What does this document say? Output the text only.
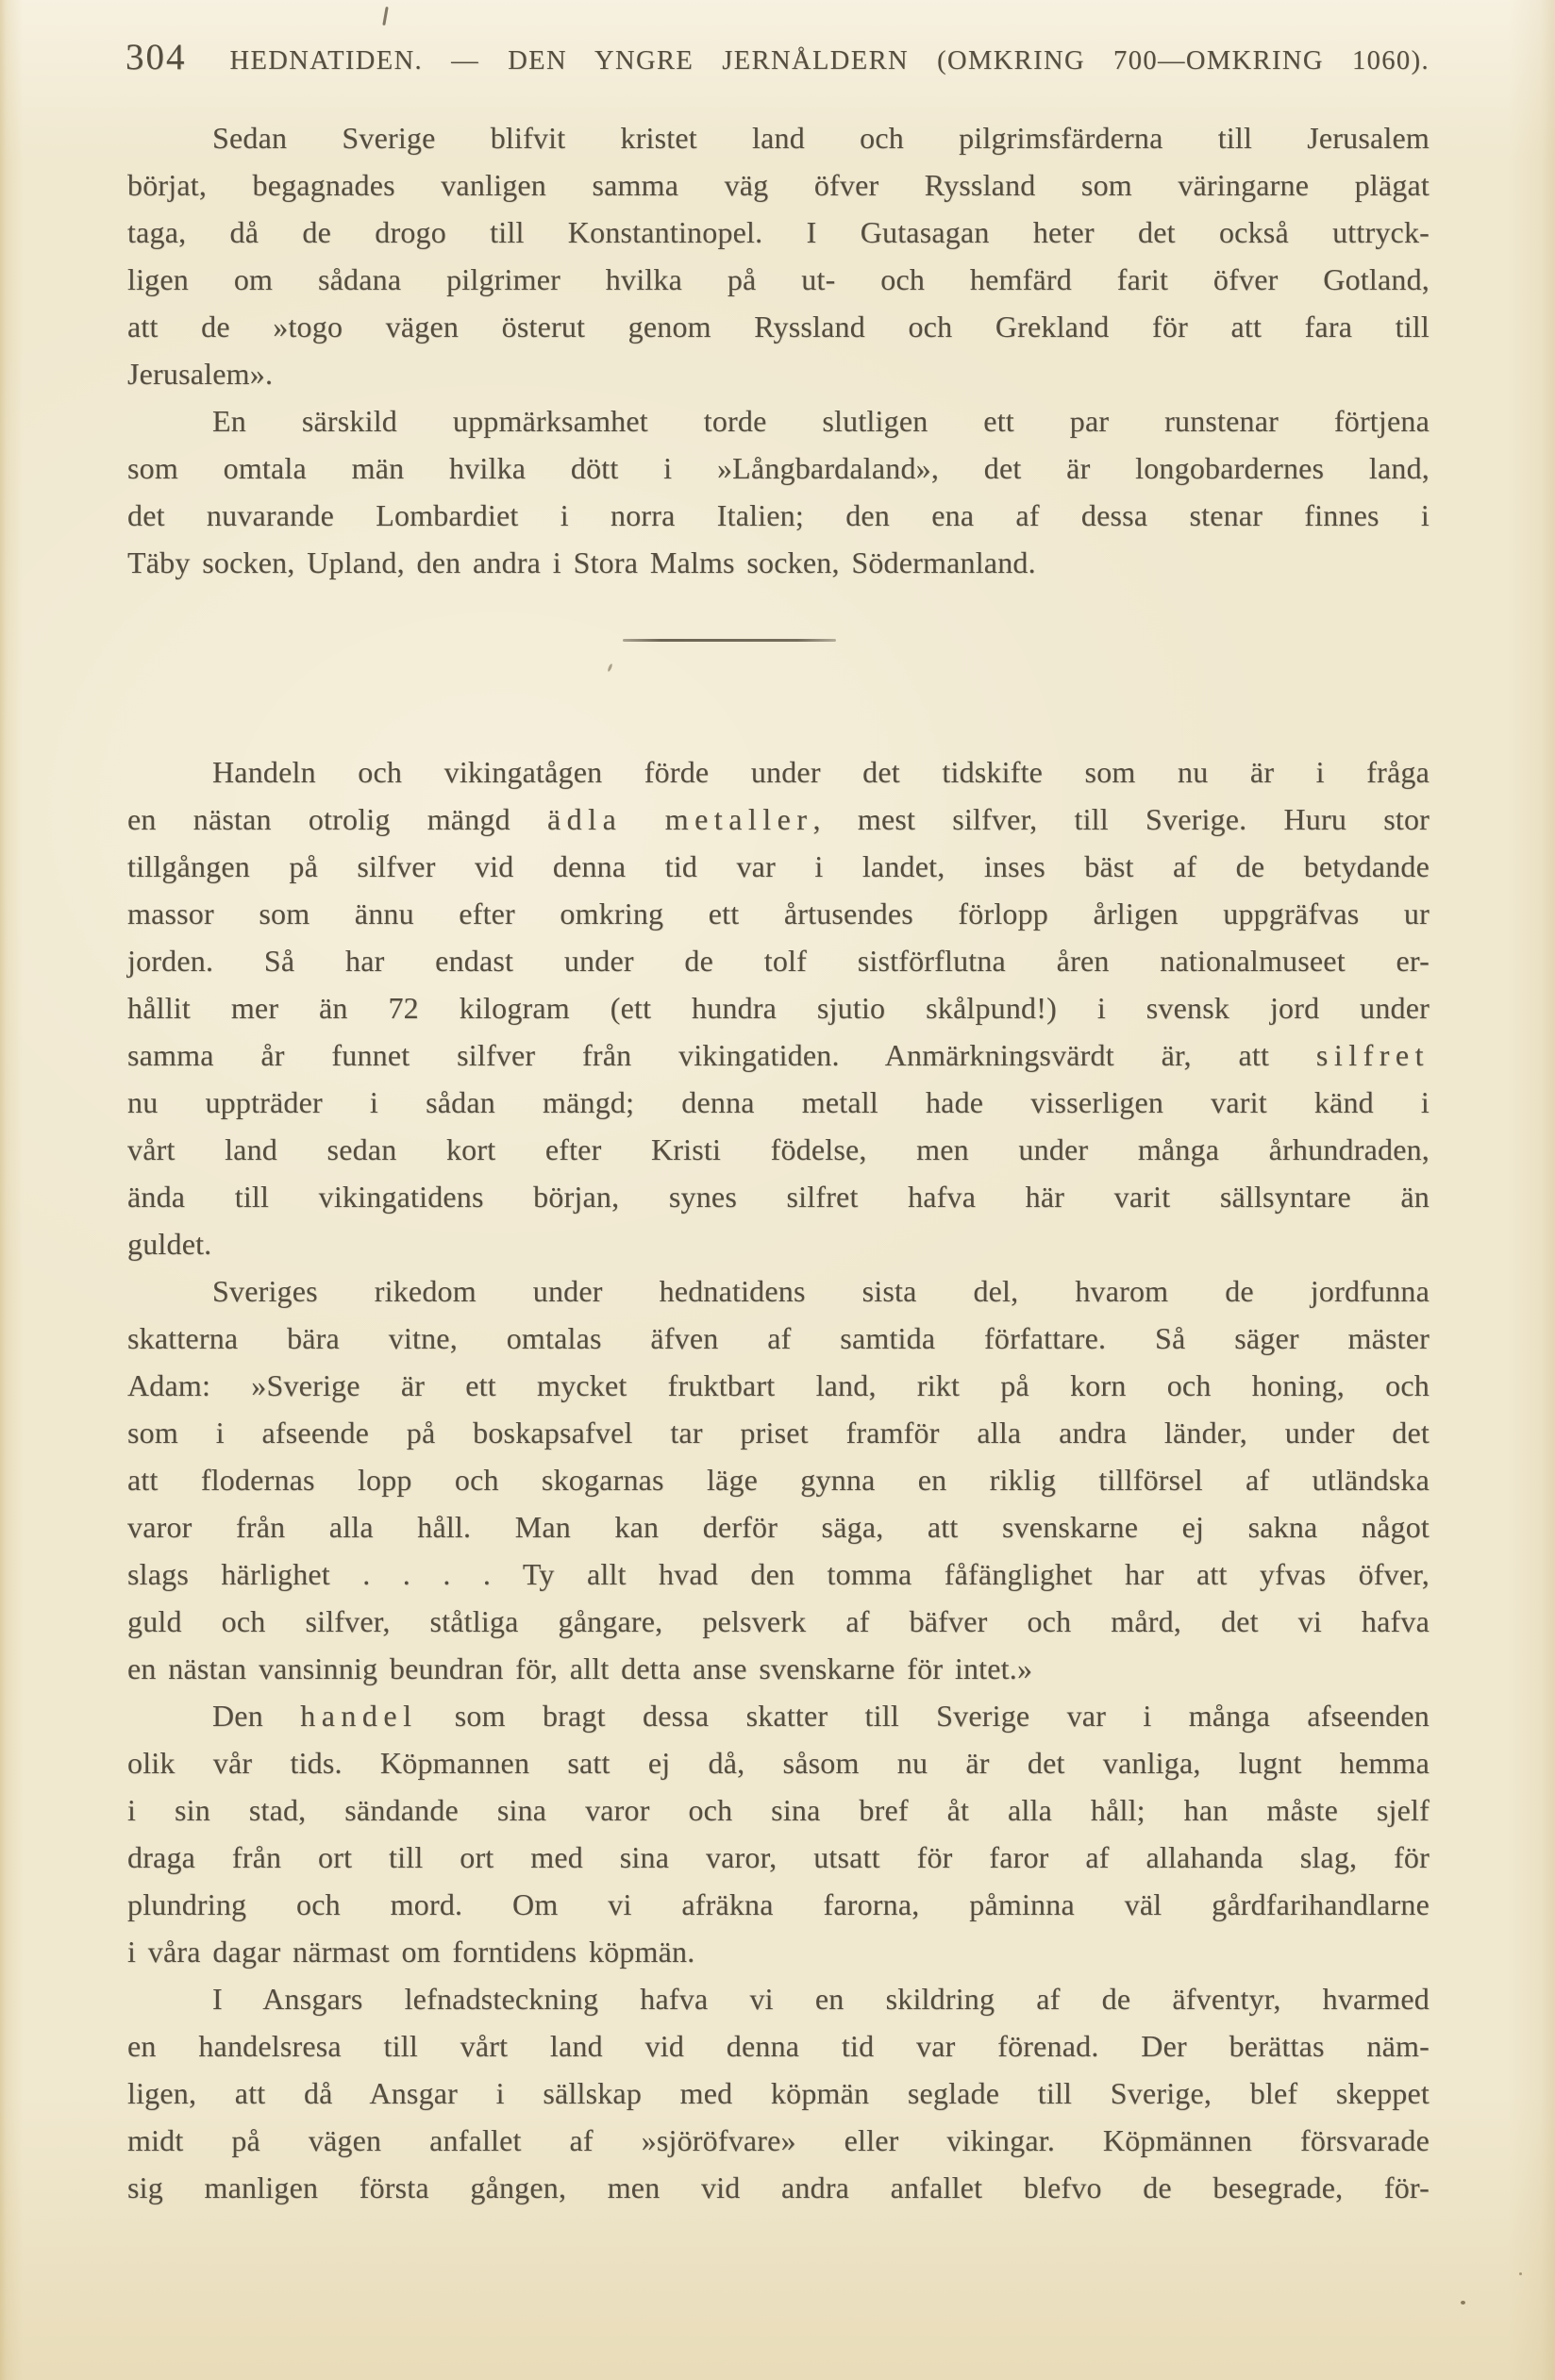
304 HEDNATIDEN. — DEN YNGRE JERNÅLDERN (OMKRING 700—OMKRING 1060).
Sedan Sverige blifvit kristet land och pilgrimsfärderna till Jerusalem
börjat, begagnades vanligen samma väg öfver Ryssland som väringarne plägat
taga, då de drogo till Konstantinopel. I Gutasagan heter det också uttryck-
ligen om sådana pilgrimer hvilka på ut- och hemfärd farit öfver Gotland,
att de »togo vägen österut genom Ryssland och Grekland för att fara till
Jerusalem».
En särskild uppmärksamhet torde slutligen ett par runstenar förtjena
som omtala män hvilka dött i »Långbardaland», det är longobardernes land,
det nuvarande Lombardiet i norra Italien; den ena af dessa stenar finnes i
Täby socken, Upland, den andra i Stora Malms socken, Södermanland.
Handeln och vikingatågen förde under det tidskifte som nu är i fråga
en nästan otrolig mängd ädla metaller, mest silfver, till Sverige. Huru stor
tillgången på silfver vid denna tid var i landet, inses bäst af de betydande
massor som ännu efter omkring ett årtusendes förlopp årligen uppgräfvas ur
jorden. Så har endast under de tolf sistförflutna åren nationalmuseet er-
hållit mer än 72 kilogram (ett hundra sjutio skålpund!) i svensk jord under
samma år funnet silfver från vikingatiden. Anmärkningsvärdt är, att silfret
nu uppträder i sådan mängd; denna metall hade visserligen varit känd i
vårt land sedan kort efter Kristi födelse, men under många århundraden,
ända till vikingatidens början, synes silfret hafva här varit sällsyntare än
guldet.
Sveriges rikedom under hednatidens sista del, hvarom de jordfunna
skatterna bära vitne, omtalas äfven af samtida författare. Så säger mäster
Adam: »Sverige är ett mycket fruktbart land, rikt på korn och honing, och
som i afseende på boskapsafvel tar priset framför alla andra länder, under det
att flodernas lopp och skogarnas läge gynna en riklig tillförsel af utländska
varor från alla håll. Man kan derför säga, att svenskarne ej sakna något
slags härlighet . . . . Ty allt hvad den tomma fåfänglighet har att yfvas öfver,
guld och silfver, ståtliga gångare, pelsverk af bäfver och mård, det vi hafva
en nästan vansinnig beundran för, allt detta anse svenskarne för intet.»
Den handel som bragt dessa skatter till Sverige var i många afseenden
olik vår tids. Köpmannen satt ej då, såsom nu är det vanliga, lugnt hemma
i sin stad, sändande sina varor och sina bref åt alla håll; han måste sjelf
draga från ort till ort med sina varor, utsatt för faror af allahanda slag, för
plundring och mord. Om vi afräkna farorna, påminna väl gårdfarihandlarne
i våra dagar närmast om forntidens köpmän.
I Ansgars lefnadsteckning hafva vi en skildring af de äfventyr, hvarmed
en handelsresa till vårt land vid denna tid var förenad. Der berättas näm-
ligen, att då Ansgar i sällskap med köpmän seglade till Sverige, blef skeppet
midt på vägen anfallet af »sjöröfvare» eller vikingar. Köpmännen försvarade
sig manligen första gången, men vid andra anfallet blefvo de besegrade, för-
